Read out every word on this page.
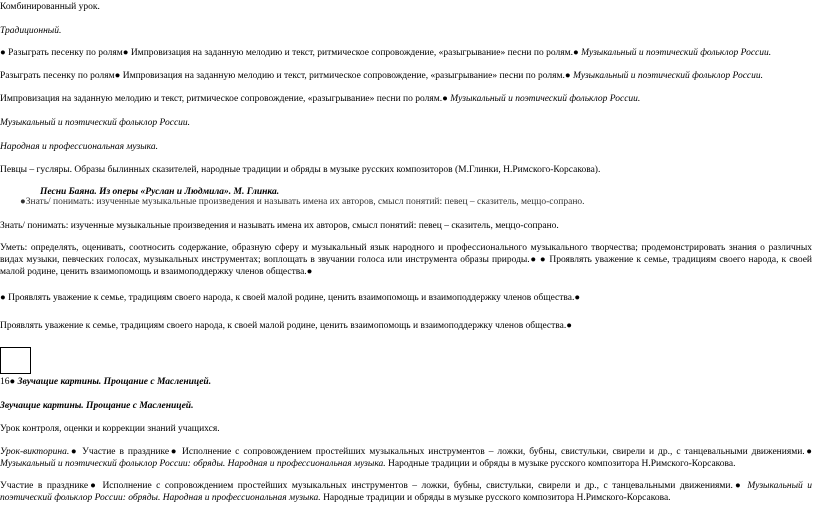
Комбинированный урок.
Традиционный.
● Разыграть песенку по ролям● Импровизация на заданную мелодию и текст, ритмическое сопровождение, «разыгрывание» песни по ролям.● Музыкальный и поэтический фольклор России.
Разыграть песенку по ролям● Импровизация на заданную мелодию и текст, ритмическое сопровождение, «разыгрывание» песни по ролям.● Музыкальный и поэтический фольклор России.
Импровизация на заданную мелодию и текст, ритмическое сопровождение, «разыгрывание» песни по ролям.● Музыкальный и поэтический фольклор России.
Музыкальный и поэтический фольклор России.
Народная и профессиональная музыка.
Певцы – гусляры. Образы былинных сказителей, народные традиции и обряды в музыке русских композиторов (М.Глинки, Н.Римского-Корсакова).
Песни Баяна. Из оперы «Руслан и Людмила». М. Глинка.
●Знать/ понимать: изученные музыкальные произведения и называть имена их авторов, смысл понятий: певец – сказитель, меццо-сопрано.
Знать/ понимать: изученные музыкальные произведения и называть имена их авторов, смысл понятий: певец – сказитель, меццо-сопрано.
Уметь: определять, оценивать, соотносить содержание, образную сферу и музыкальный язык народного и профессионального музыкального творчества; продемонстрировать знания о различных видах музыки, певческих голосах, музыкальных инструментах; воплощать в звучании голоса или инструмента образы природы.● ● Проявлять уважение к семье, традициям своего народа, к своей малой родине, ценить взаимопомощь и взаимоподдержку членов общества.●
● Проявлять уважение к семье, традициям своего народа, к своей малой родине, ценить взаимопомощь и взаимоподдержку членов общества.●
Проявлять уважение к семье, традициям своего народа, к своей малой родине, ценить взаимопомощь и взаимоподдержку членов общества.●
16● Звучащие картины. Прощание с Масленицей.
Звучащие картины. Прощание с Масленицей.
Урок контроля, оценки и коррекции знаний учащихся.
Урок-викторина.● Участие в празднике● Исполнение с сопровождением простейших музыкальных инструментов – ложки, бубны, свистульки, свирели и др., с танцевальными движениями.● Музыкальный и поэтический фольклор России: обряды. Народная и профессиональная музыка. Народные традиции и обряды в музыке русского композитора Н.Римского-Корсакова.
Участие в празднике● Исполнение с сопровождением простейших музыкальных инструментов – ложки, бубны, свистульки, свирели и др., с танцевальными движениями.● Музыкальный и поэтический фольклор России: обряды. Народная и профессиональная музыка. Народные традиции и обряды в музыке русского композитора Н.Римского-Корсакова.
